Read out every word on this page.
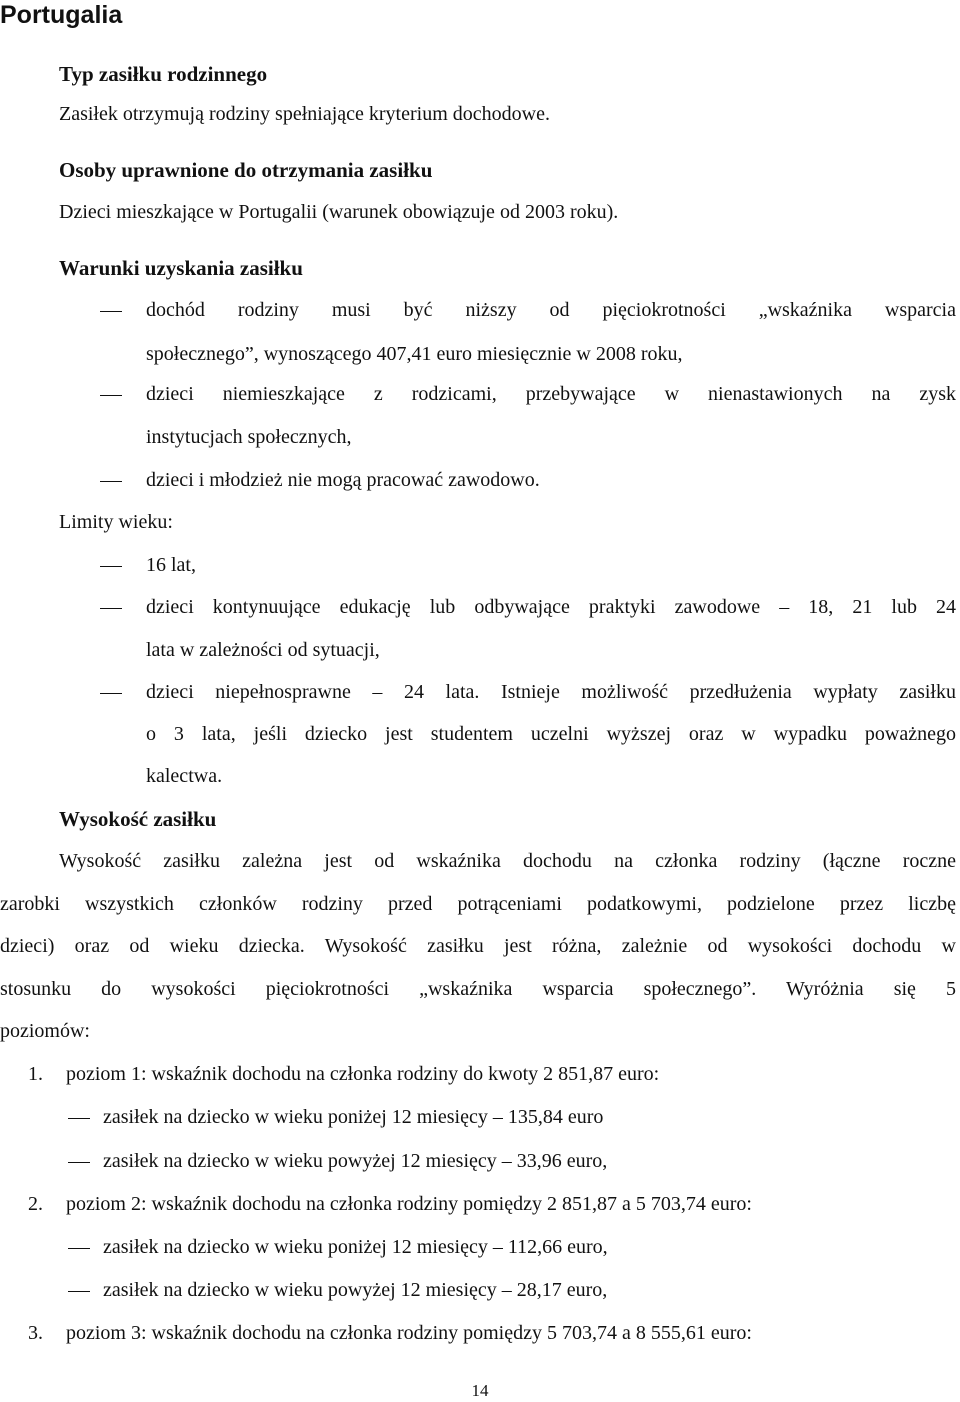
Portugalia
Typ zasiłku rodzinnego
Zasiłek otrzymują rodziny spełniające kryterium dochodowe.
Osoby uprawnione do otrzymania zasiłku
Dzieci mieszkające w Portugalii (warunek obowiązuje od 2003 roku).
Warunki uzyskania zasiłku
dochód rodziny musi być niższy od pięciokrotności „wskaźnika wsparcia
społecznego”, wynoszącego 407,41 euro miesięcznie w 2008 roku,
dzieci niemieszkające z rodzicami, przebywające w nienastawionych na zysk
instytucjach społecznych,
dzieci i młodzież nie mogą pracować zawodowo.
Limity wieku:
16 lat,
dzieci kontynuujące edukację lub odbywające praktyki zawodowe – 18, 21 lub 24
lata w zależności od sytuacji,
dzieci niepełnosprawne – 24 lata. Istnieje możliwość przedłużenia wypłaty zasiłku
o 3 lata, jeśli dziecko jest studentem uczelni wyższej oraz w wypadku poważnego
kalectwa.
Wysokość zasiłku
Wysokość zasiłku zależna jest od wskaźnika dochodu na członka rodziny (łączne roczne
zarobki wszystkich członków rodziny przed potrąceniami podatkowymi, podzielone przez liczbę
dzieci) oraz od wieku dziecka. Wysokość zasiłku jest różna, zależnie od wysokości dochodu w
stosunku do wysokości pięciokrotności „wskaźnika wsparcia społecznego”. Wyróżnia się 5
poziomów:
1. poziom 1: wskaźnik dochodu na członka rodziny do kwoty 2 851,87 euro:
zasiłek na dziecko w wieku poniżej 12 miesięcy – 135,84 euro
zasiłek na dziecko w wieku powyżej 12 miesięcy – 33,96 euro,
2. poziom 2: wskaźnik dochodu na członka rodziny pomiędzy 2 851,87 a 5 703,74 euro:
zasiłek na dziecko w wieku poniżej 12 miesięcy – 112,66 euro,
zasiłek na dziecko w wieku powyżej 12 miesięcy – 28,17 euro,
3. poziom 3: wskaźnik dochodu na członka rodziny pomiędzy 5 703,74 a 8 555,61 euro:
14
